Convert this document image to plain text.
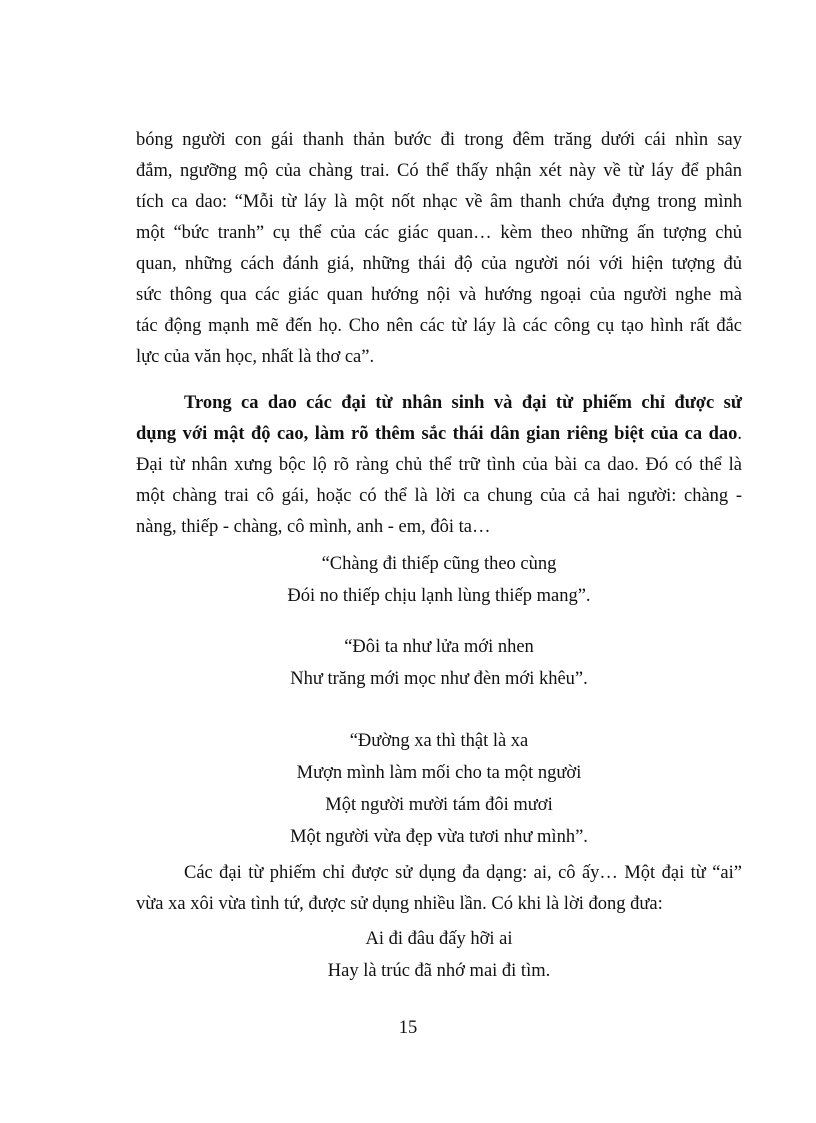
bóng người con gái thanh thản bước đi trong đêm trăng dưới cái nhìn say
đắm, ngưỡng mộ của chàng trai. Có thể thấy nhận xét này về từ láy để phân
tích ca dao: “Mỗi từ láy là một nốt nhạc về âm thanh chứa đựng trong mình
một “bức tranh” cụ thể của các giác quan… kèm theo những ấn tượng chủ
quan, những cách đánh giá, những thái độ của người nói với hiện tượng đủ
sức thông qua các giác quan hướng nội và hướng ngoại của người nghe mà
tác động mạnh mẽ đến họ. Cho nên các từ láy là các công cụ tạo hình rất đắc
lực của văn học, nhất là thơ ca”.
Trong ca dao các đại từ nhân sinh và đại từ phiếm chỉ được sử
dụng với mật độ cao, làm rõ thêm sắc thái dân gian riêng biệt của ca dao.
Đại từ nhân xưng bộc lộ rõ ràng chủ thể trữ tình của bài ca dao. Đó có thể là
một chàng trai cô gái, hoặc có thể là lời ca chung của cả hai người: chàng -
nàng, thiếp - chàng, cô mình, anh - em, đôi ta…
“Chàng đi thiếp cũng theo cùng
Đói no thiếp chịu lạnh lùng thiếp mang”.
“Đôi ta như lửa mới nhen
Như trăng mới mọc như đèn mới khêu”.
“Đường xa thì thật là xa
Mượn mình làm mối cho ta một người
Một người mười tám đôi mươi
Một người vừa đẹp vừa tươi như mình”.
Các đại từ phiếm chỉ được sử dụng đa dạng: ai, cô ấy… Một đại từ “ai”
vừa xa xôi vừa tình tứ, được sử dụng nhiều lần. Có khi là lời đong đưa:
Ai đi đâu đấy hỡi ai
Hay là trúc đã nhớ mai đi tìm.
15
